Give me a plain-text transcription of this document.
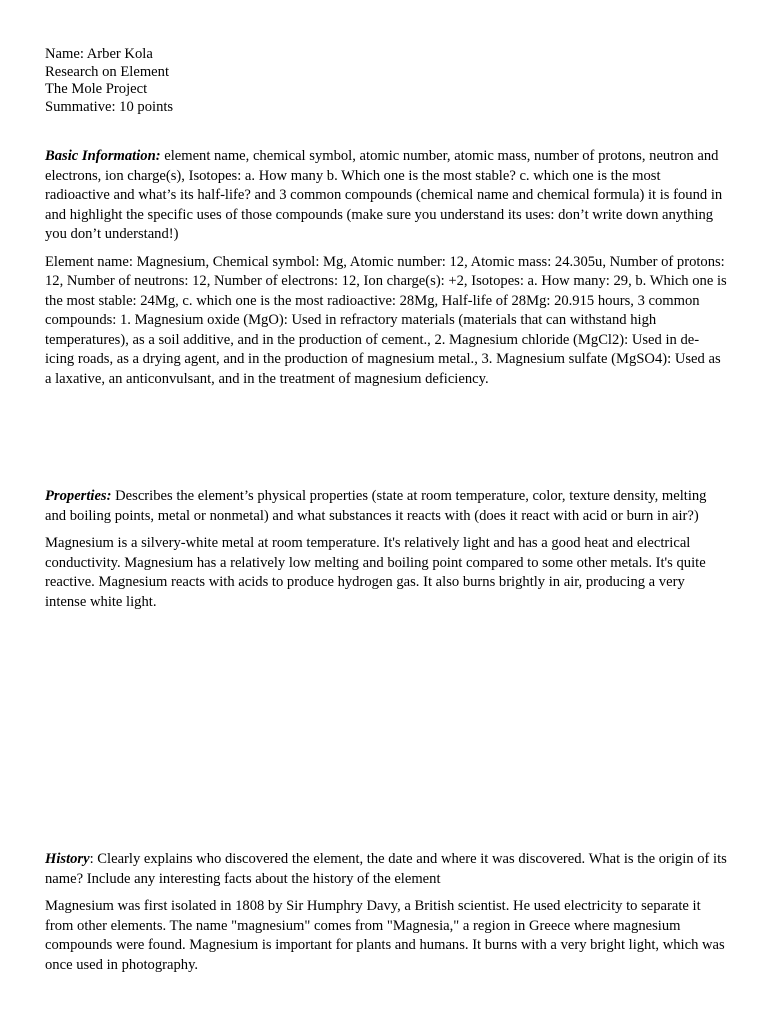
Name: Arber Kola
Research on Element
The Mole Project
Summative: 10 points

Basic Information: element name, chemical symbol, atomic number, atomic mass, number of protons, neutron and electrons, ion charge(s), Isotopes: a. How many b. Which one is the most stable? c. which one is the most radioactive and what’s its half-life? and 3 common compounds (chemical name and chemical formula) it is found in and highlight the specific uses of those compounds (make sure you understand its uses: don’t write down anything you don’t understand!)

Element name: Magnesium, Chemical symbol: Mg, Atomic number: 12, Atomic mass: 24.305u, Number of protons: 12, Number of neutrons: 12, Number of electrons: 12, Ion charge(s): +2, Isotopes: a. How many: 29, b. Which one is the most stable: 24Mg, c. which one is the most radioactive: 28Mg, Half-life of 28Mg: 20.915 hours, 3 common compounds: 1. Magnesium oxide (MgO): Used in refractory materials (materials that can withstand high temperatures), as a soil additive, and in the production of cement., 2. Magnesium chloride (MgCl2): Used in de-icing roads, as a drying agent, and in the production of magnesium metal., 3. Magnesium sulfate (MgSO4): Used as a laxative, an anticonvulsant, and in the treatment of magnesium deficiency.

Properties: Describes the element’s physical properties (state at room temperature, color, texture density, melting and boiling points, metal or nonmetal) and what substances it reacts with (does it react with acid or burn in air?)

Magnesium is a silvery-white metal at room temperature. It's relatively light and has a good heat and electrical conductivity. Magnesium has a relatively low melting and boiling point compared to some other metals. It's quite reactive. Magnesium reacts with acids to produce hydrogen gas. It also burns brightly in air, producing a very intense white light.

History: Clearly explains who discovered the element, the date and where it was discovered. What is the origin of its name? Include any interesting facts about the history of the element

Magnesium was first isolated in 1808 by Sir Humphry Davy, a British scientist. He used electricity to separate it from other elements. The name "magnesium" comes from "Magnesia," a region in Greece where magnesium compounds were found. Magnesium is important for plants and humans. It burns with a very bright light, which was once used in photography.
